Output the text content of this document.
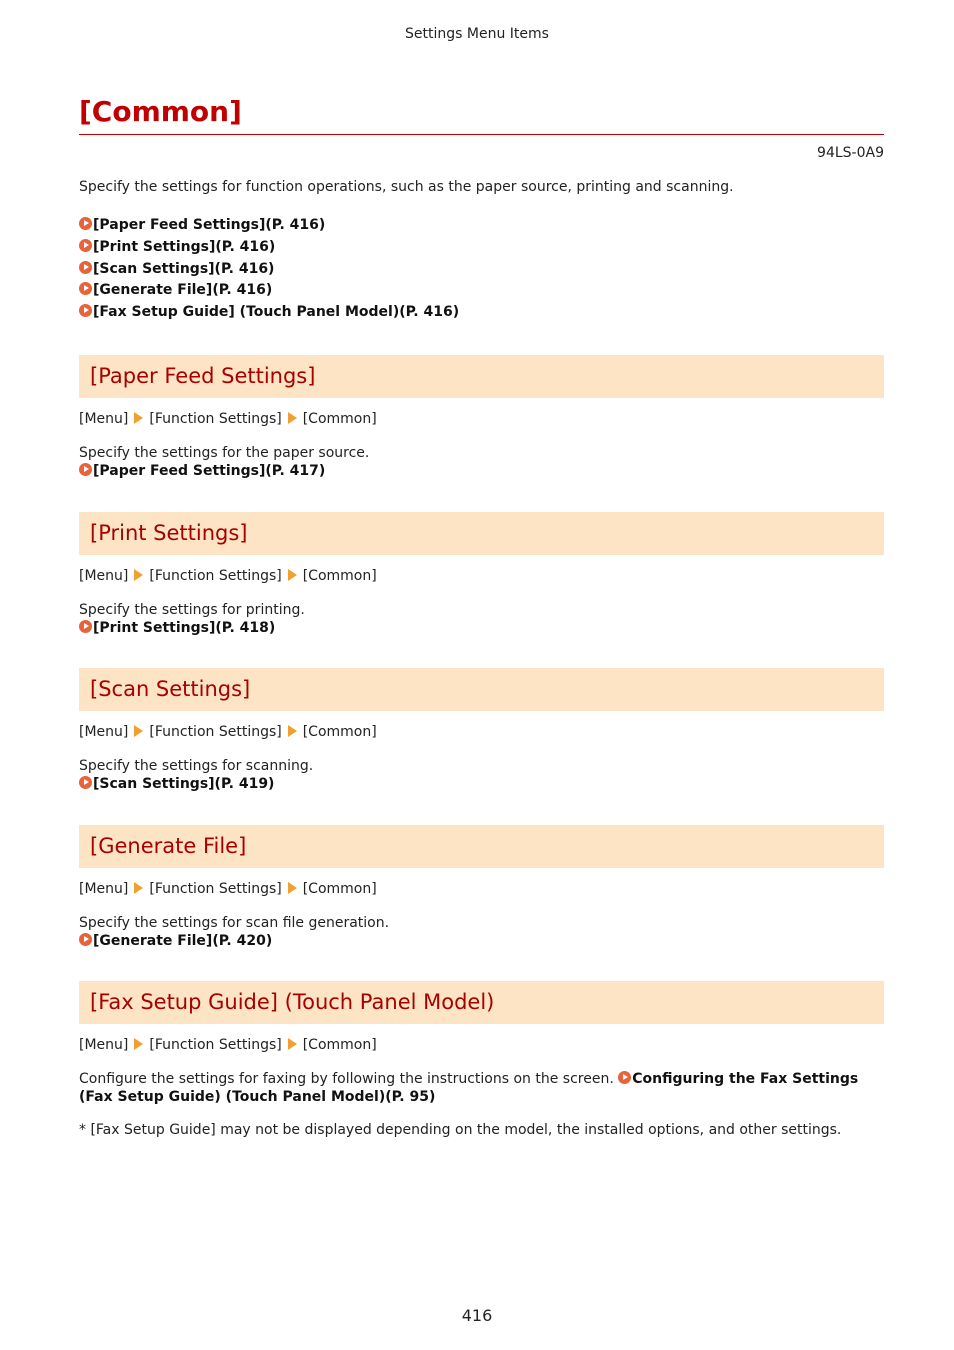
Settings Menu Items
[Common]
94LS-0A9

Specify the settings for function operations, such as the paper source, printing and scanning.

[Paper Feed Settings](P. 416)
[Print Settings](P. 416)
[Scan Settings](P. 416)
[Generate File](P. 416)
[Fax Setup Guide] (Touch Panel Model)(P. 416)
[Paper Feed Settings]
[Menu] [Function Settings] [Common]
Specify the settings for the paper source.
[Paper Feed Settings](P. 417)
[Print Settings]
[Menu] [Function Settings] [Common]
Specify the settings for printing.
[Print Settings](P. 418)
[Scan Settings]
[Menu] [Function Settings] [Common]
Specify the settings for scanning.
[Scan Settings](P. 419)
[Generate File]
[Menu] [Function Settings] [Common]
Specify the settings for scan file generation.
[Generate File](P. 420)
[Fax Setup Guide] (Touch Panel Model)
[Menu] [Function Settings] [Common]
Configure the settings for faxing by following the instructions on the screen. Configuring the Fax Settings (Fax Setup Guide) (Touch Panel Model)(P. 95)

* [Fax Setup Guide] may not be displayed depending on the model, the installed options, and other settings.

416
